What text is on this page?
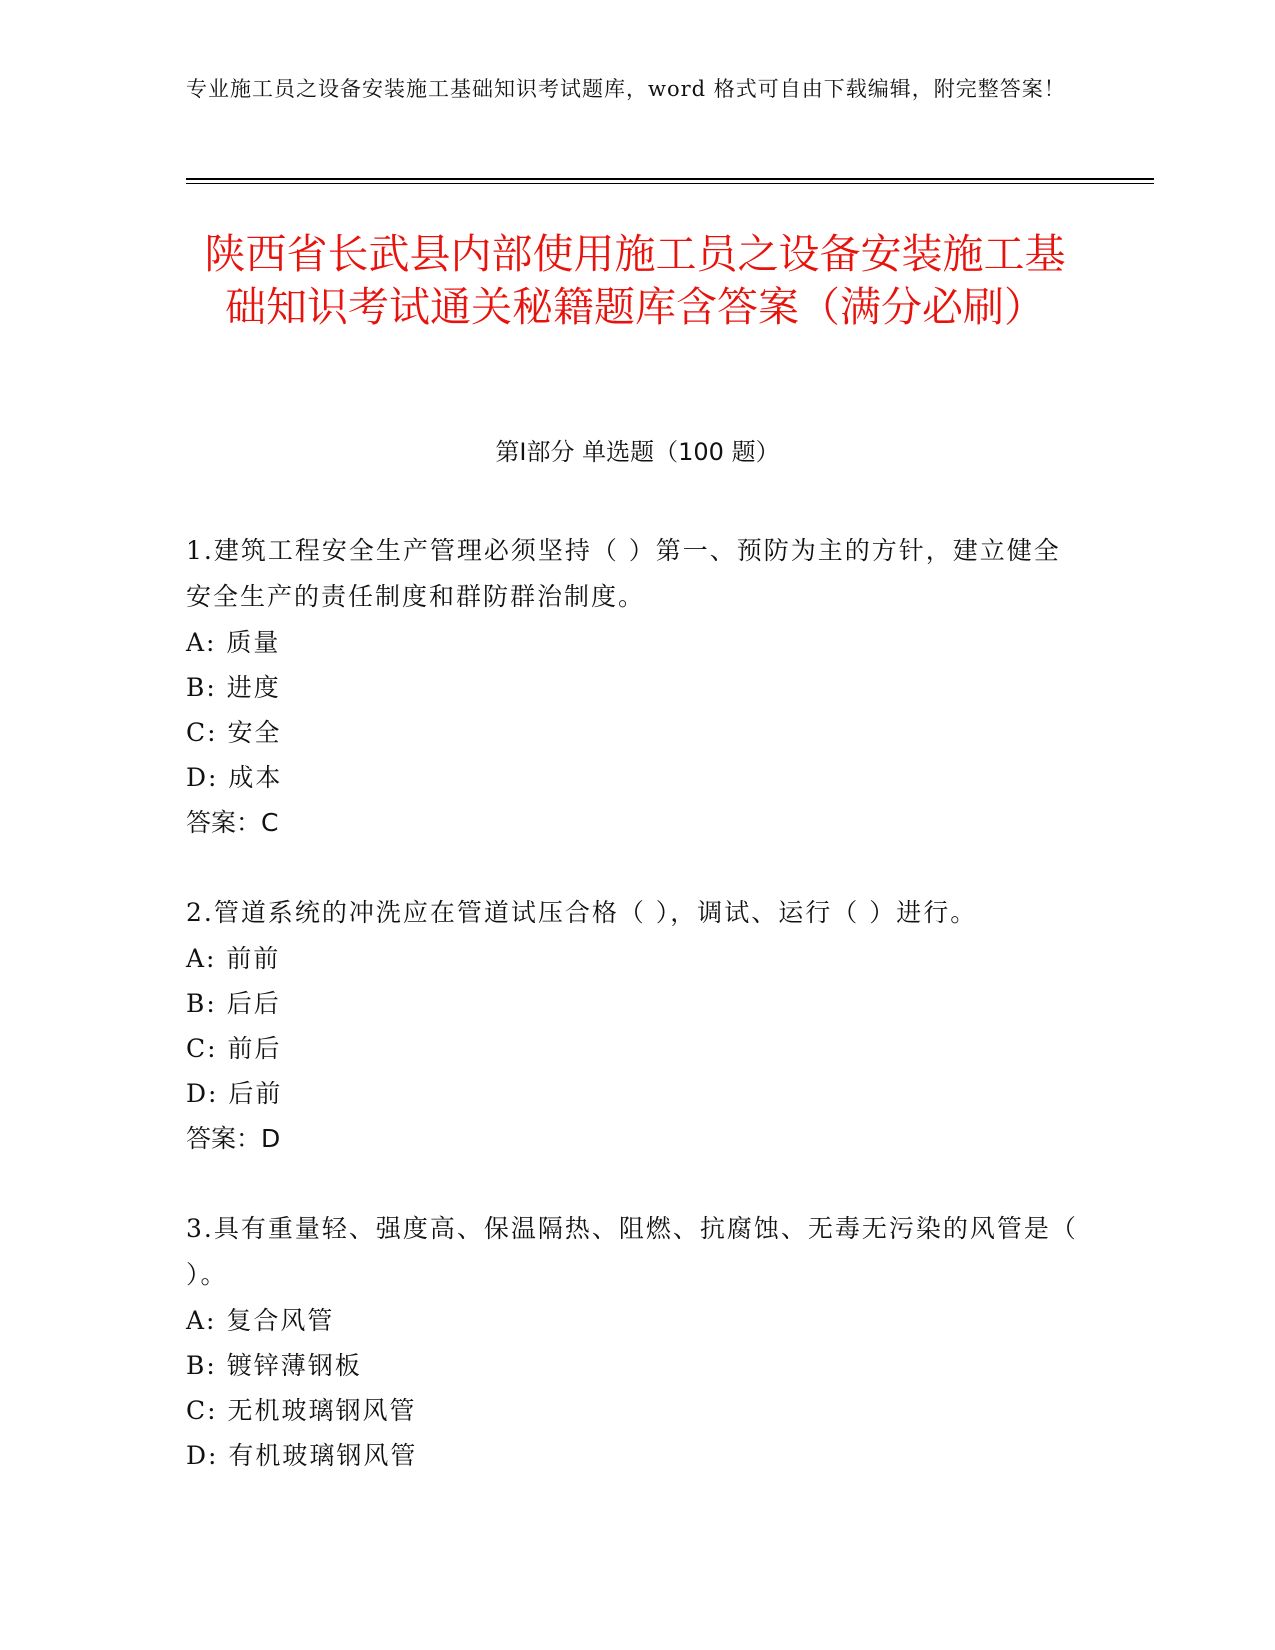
专业施工员之设备安装施工基础知识考试题库，word 格式可自由下载编辑，附完整答案！
陕西省长武县内部使用施工员之设备安装施工基础知识考试通关秘籍题库含答案（满分必刷）
第Ⅰ部分 单选题（100 题）
1.建筑工程安全生产管理必须坚持（ ）第一、预防为主的方针，建立健全安全生产的责任制度和群防群治制度。
A: 质量
B: 进度
C: 安全
D: 成本
答案：C
2.管道系统的冲洗应在管道试压合格（ ），调试、运行（ ）进行。
A: 前前
B: 后后
C: 前后
D: 后前
答案：D
3.具有重量轻、强度高、保温隔热、阻燃、抗腐蚀、无毒无污染的风管是（ ）。
A: 复合风管
B: 镀锌薄钢板
C: 无机玻璃钢风管
D: 有机玻璃钢风管
